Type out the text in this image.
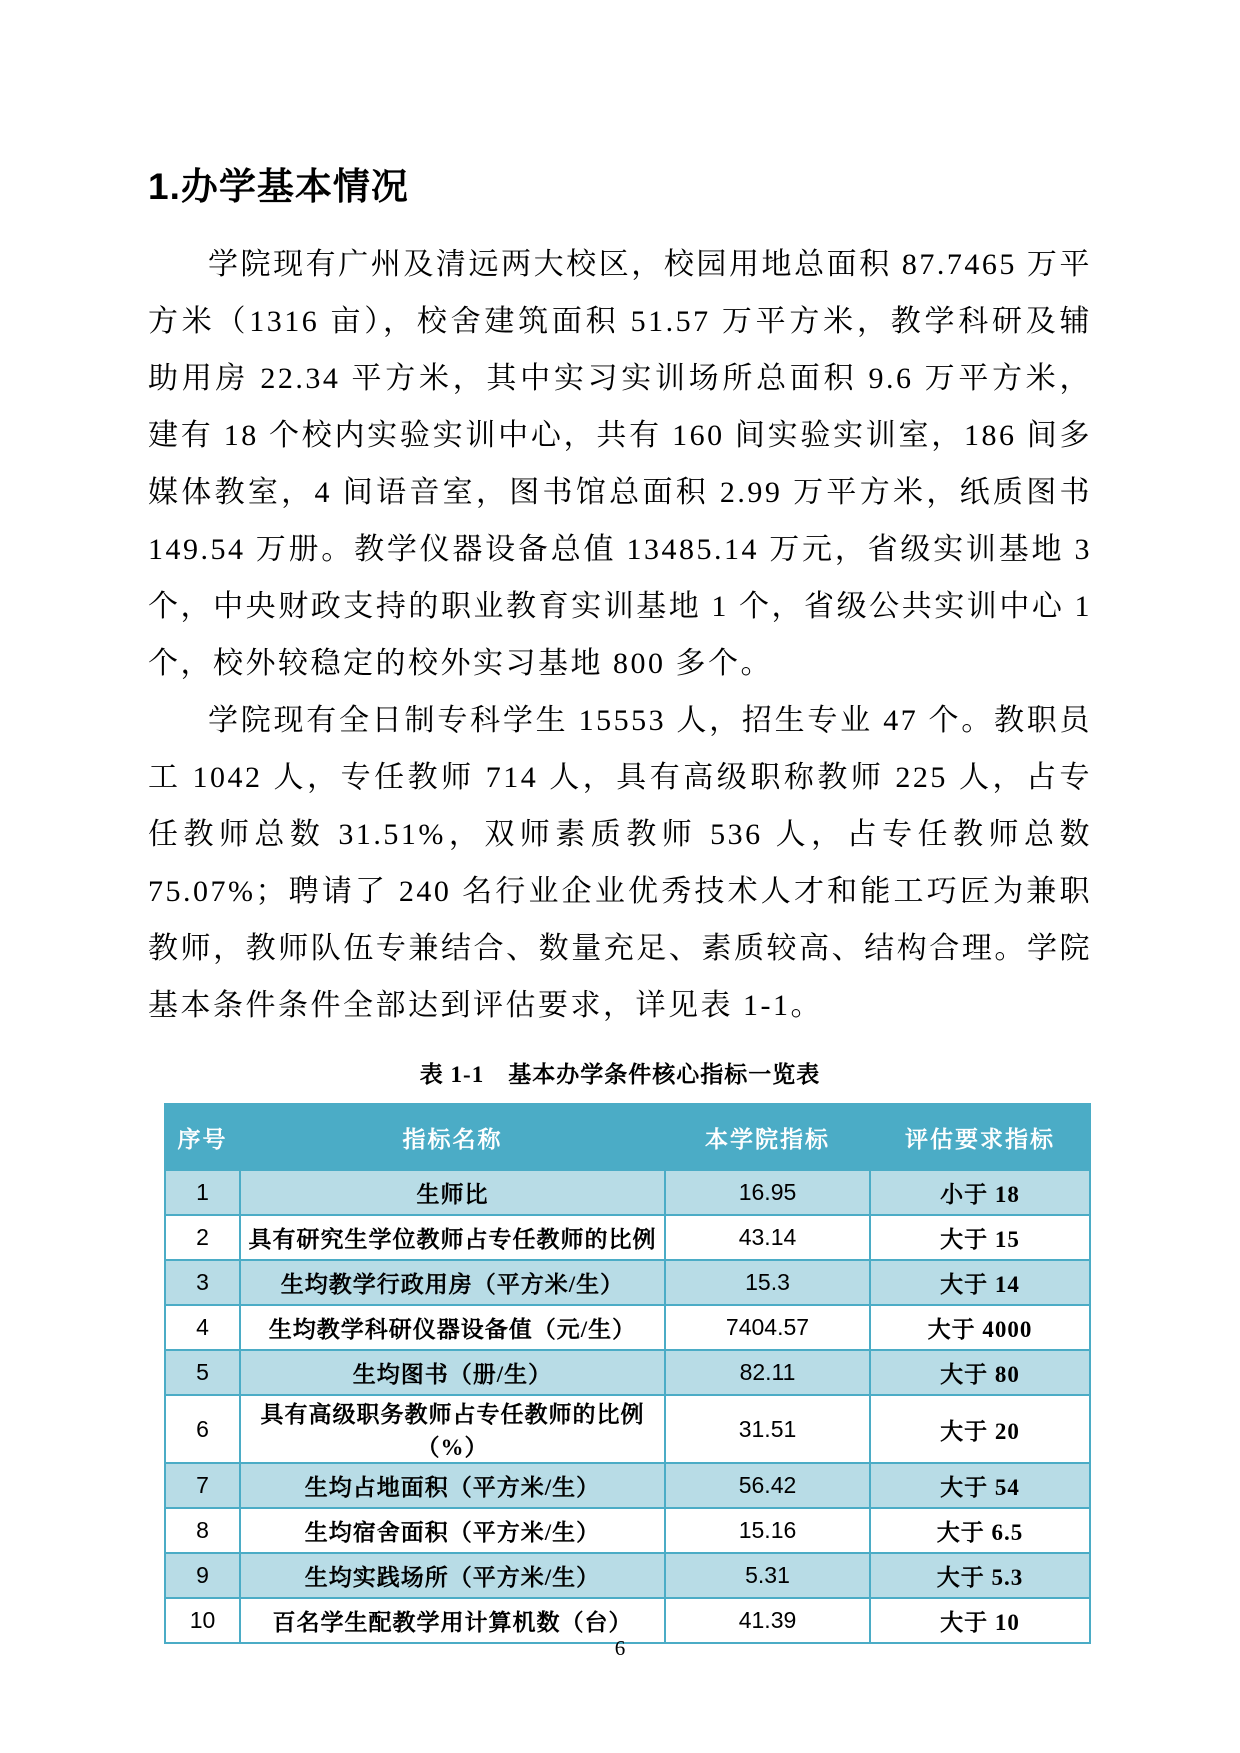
1.办学基本情况

学院现有广州及清远两大校区，校园用地总面积 87.7465 万平方米（1316 亩），校舍建筑面积 51.57 万平方米，教学科研及辅助用房 22.34 平方米，其中实习实训场所总面积 9.6 万平方米，建有 18 个校内实验实训中心，共有 160 间实验实训室，186 间多媒体教室，4 间语音室，图书馆总面积 2.99 万平方米，纸质图书 149.54 万册。教学仪器设备总值 13485.14 万元，省级实训基地 3 个，中央财政支持的职业教育实训基地 1 个，省级公共实训中心 1 个，校外较稳定的校外实习基地 800 多个。

学院现有全日制专科学生 15553 人，招生专业 47 个。教职员工 1042 人，专任教师 714 人，具有高级职称教师 225 人，占专任教师总数 31.51%，双师素质教师 536 人，占专任教师总数 75.07%；聘请了 240 名行业企业优秀技术人才和能工巧匠为兼职教师，教师队伍专兼结合、数量充足、素质较高、结构合理。学院基本条件条件全部达到评估要求，详见表 1-1。

表 1-1　基本办学条件核心指标一览表
序号	指标名称	本学院指标	评估要求指标
1	生师比	16.95	小于 18
2	具有研究生学位教师占专任教师的比例	43.14	大于 15
3	生均教学行政用房（平方米/生）	15.3	大于 14
4	生均教学科研仪器设备值（元/生）	7404.57	大于 4000
5	生均图书（册/生）	82.11	大于 80
6	具有高级职务教师占专任教师的比例（%）	31.51	大于 20
7	生均占地面积（平方米/生）	56.42	大于 54
8	生均宿舍面积（平方米/生）	15.16	大于 6.5
9	生均实践场所（平方米/生）	5.31	大于 5.3
10	百名学生配教学用计算机数（台）	41.39	大于 10
6
